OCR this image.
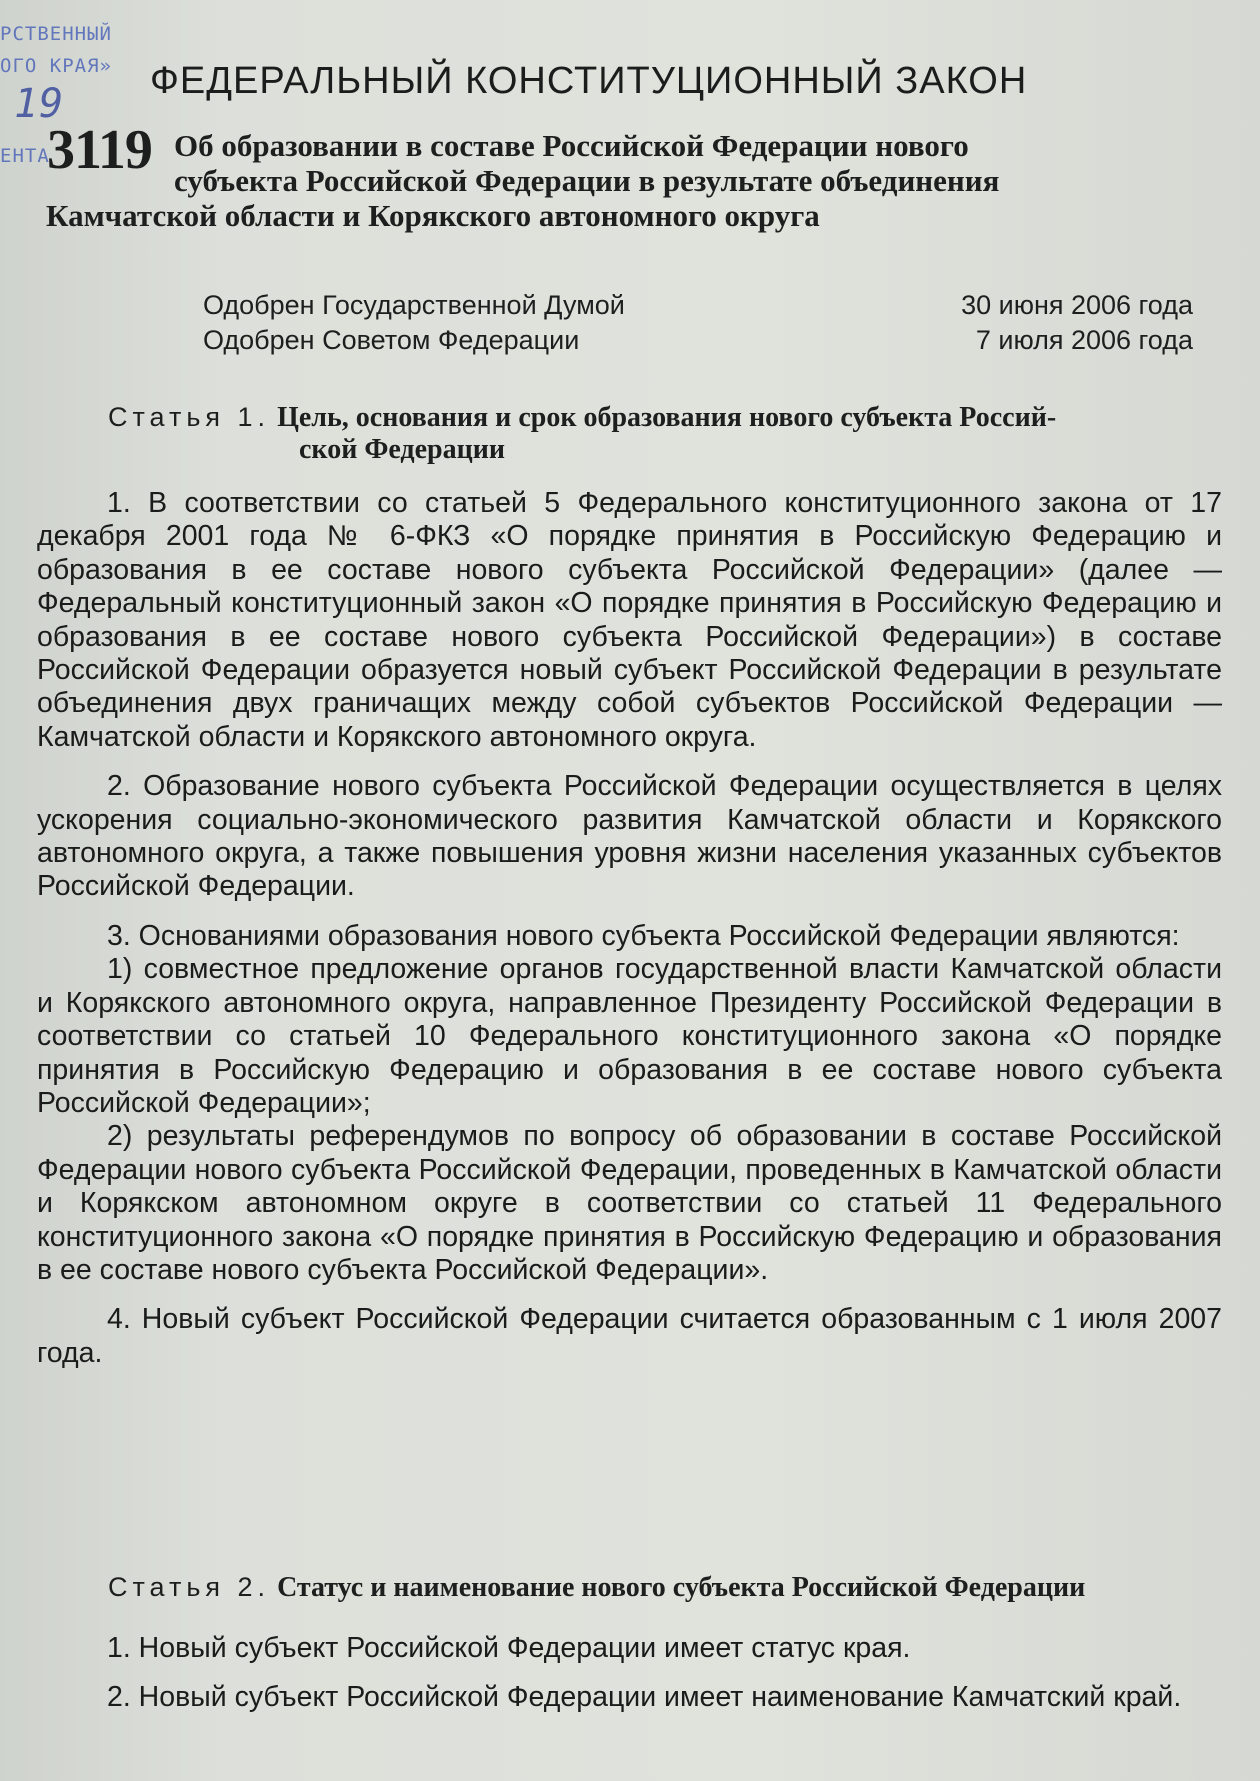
РСТВЕННЫЙ
ОГО КРАЯ»
ЕНТА
19 ФЕДЕРАЛЬНЫЙ КОНСТИТУЦИОННЫЙ ЗАКОН
3119 Об образовании в составе Российской Федерации нового
субъекта Российской Федерации в результате объединения
Камчатской области и Корякского автономного округа
Одобрен Государственной Думой	30 июня 2006 года
Одобрен Советом Федерации	7 июля 2006 года
Статья 1. Цель, основания и срок образования нового субъекта Россий-
ской Федерации

1. В соответствии со статьей 5 Федерального конституционного закона от 17 декабря 2001 года № 6-ФКЗ «О порядке принятия в Российскую Федерацию и образования в ее составе нового субъекта Российской Федерации» (далее — Федеральный конституционный закон «О порядке принятия в Российскую Федерацию и образования в ее составе нового субъекта Российской Федерации») в составе Российской Федерации образуется новый субъект Российской Федерации в результате объединения двух граничащих между собой субъектов Российской Федерации — Камчатской области и Корякского автономного округа.

2. Образование нового субъекта Российской Федерации осуществляется в целях ускорения социально-экономического развития Камчатской области и Корякского автономного округа, а также повышения уровня жизни населения указанных субъектов Российской Федерации.

3. Основаниями образования нового субъекта Российской Федерации являются:

1) совместное предложение органов государственной власти Камчатской области и Корякского автономного округа, направленное Президенту Российской Федерации в соответствии со статьей 10 Федерального конституционного закона «О порядке принятия в Российскую Федерацию и образования в ее составе нового субъекта Российской Федерации»;

2) результаты референдумов по вопросу об образовании в составе Российской Федерации нового субъекта Российской Федерации, проведенных в Камчатской области и Корякском автономном округе в соответствии со статьей 11 Федерального конституционного закона «О порядке принятия в Российскую Федерацию и образования в ее составе нового субъекта Российской Федерации».

4. Новый субъект Российской Федерации считается образованным с 1 июля 2007 года.

Статья 2. Статус и наименование нового субъекта Российской Федерации

1. Новый субъект Российской Федерации имеет статус края.

2. Новый субъект Российской Федерации имеет наименование Камчатский край.
